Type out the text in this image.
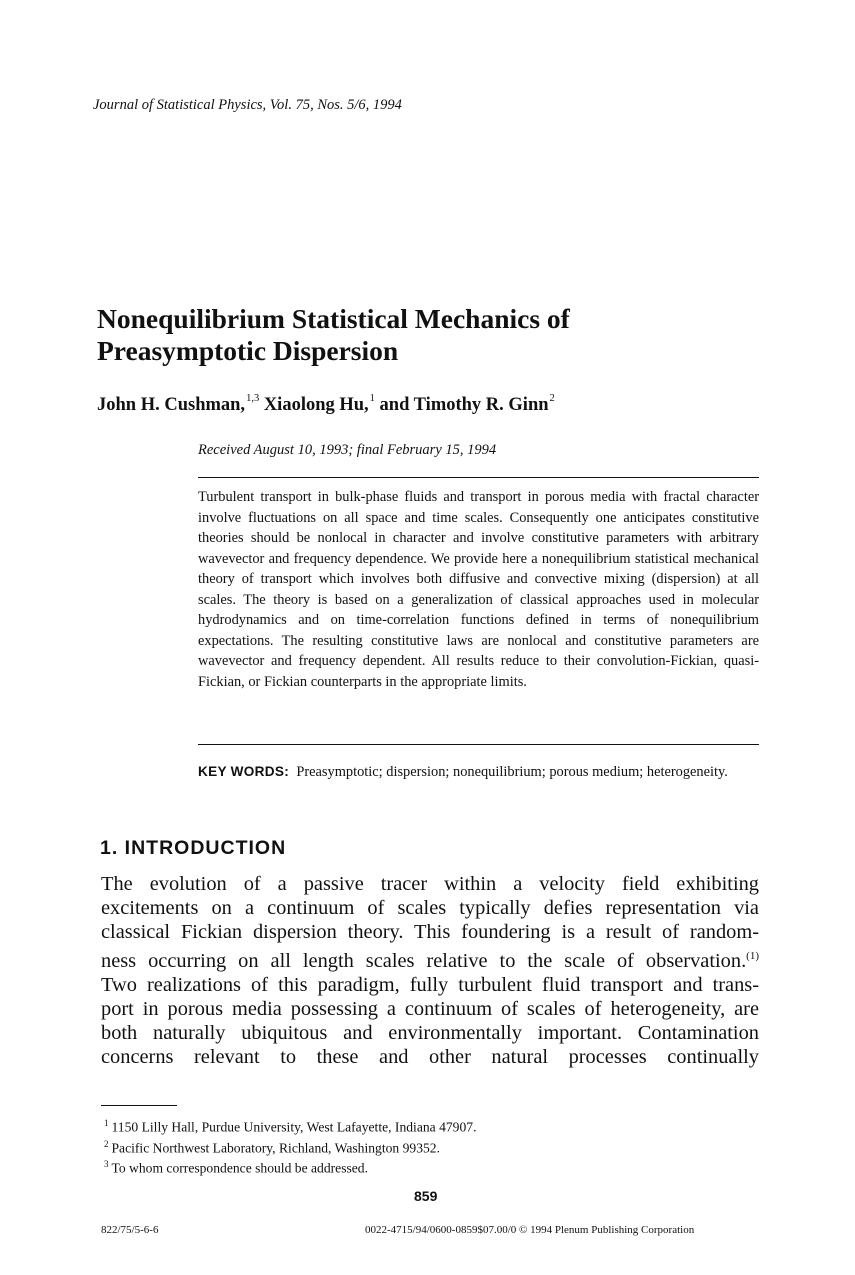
Journal of Statistical Physics, Vol. 75, Nos. 5/6, 1994
Nonequilibrium Statistical Mechanics of
Preasymptotic Dispersion
John H. Cushman,$^{1,3}$ Xiaolong Hu,$^1$ and Timothy R. Ginn$^2$
Received August 10, 1993; final February 15, 1994
Turbulent transport in bulk-phase fluids and transport in porous media with fractal character involve fluctuations on all space and time scales. Consequently one anticipates constitutive theories should be nonlocal in character and involve constitutive parameters with arbitrary wavevector and frequency dependence. We provide here a nonequilibrium statistical mechanical theory of transport which involves both diffusive and convective mixing (dispersion) at all scales. The theory is based on a generalization of classical approaches used in molecular hydrodynamics and on time-correlation functions defined in terms of nonequilibrium expectations. The resulting constitutive laws are nonlocal and constitutive parameters are wavevector and frequency dependent. All results reduce to their convolution-Fickian, quasi-Fickian, or Fickian counterparts in the appropriate limits.
KEY WORDS: Preasymptotic; dispersion; nonequilibrium; porous medium; heterogeneity.
1. INTRODUCTION
The evolution of a passive tracer within a velocity field exhibiting
excitements on a continuum of scales typically defies representation via
classical Fickian dispersion theory. This foundering is a result of random-
ness occurring on all length scales relative to the scale of observation.$^{(1)}$
Two realizations of this paradigm, fully turbulent fluid transport and trans-
port in porous media possessing a continuum of scales of heterogeneity, are
both naturally ubiquitous and environmentally important. Contamination
concerns relevant to these and other natural processes continually
$^1$ 1150 Lilly Hall, Purdue University, West Lafayette, Indiana 47907.
$^2$ Pacific Northwest Laboratory, Richland, Washington 99352.
$^3$ To whom correspondence should be addressed.
859
822/75/5-6-6	0022-4715/94/0600-0859$07.00/0 © 1994 Plenum Publishing Corporation
